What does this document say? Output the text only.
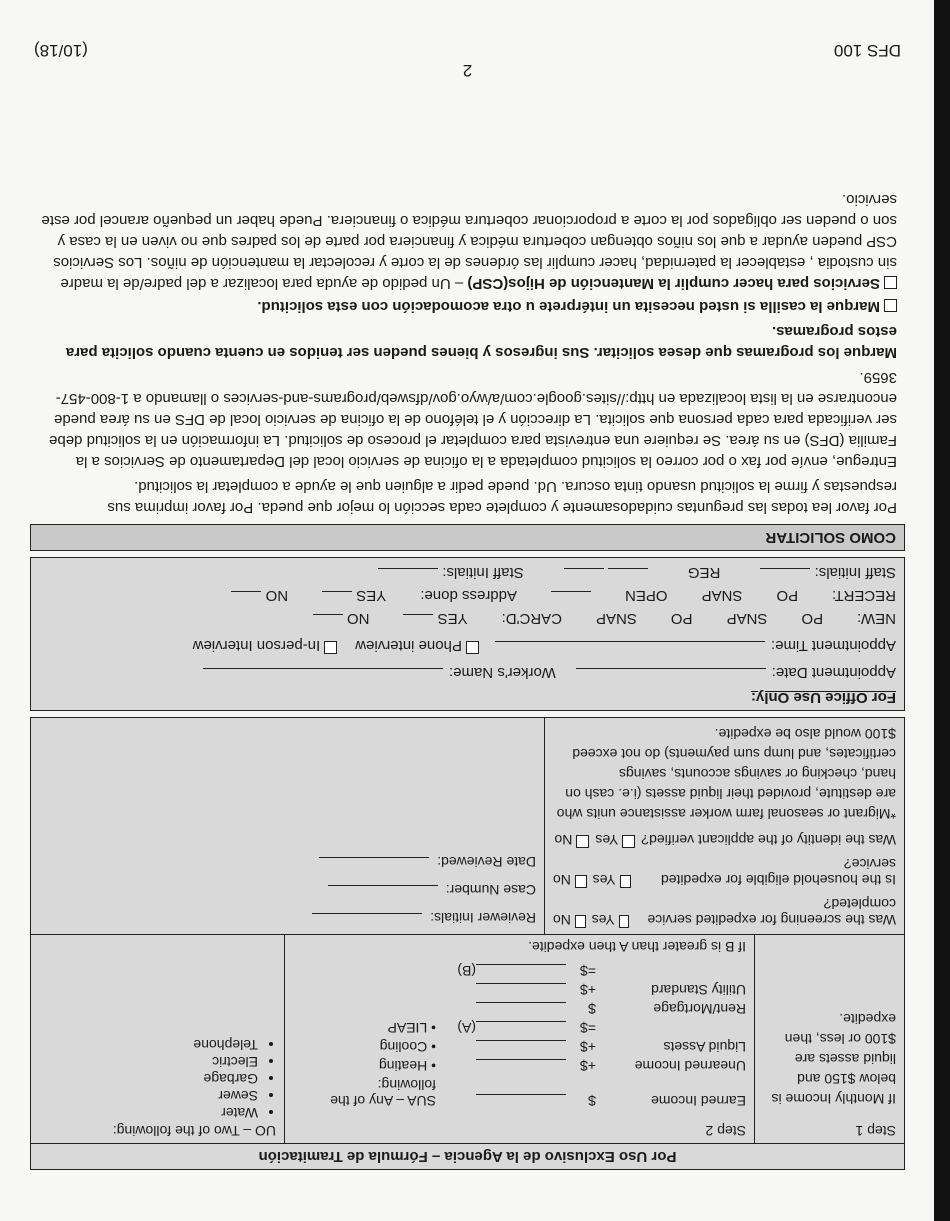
Por Uso Exclusivo de la Agencia – Fórmula de Tramitación

Step 1

If Monthly Income is below $150 and liquid assets are $100 or less, then expedite.

Step 2

Earned Income
$
SUA – Any of the following:
Unearned Income
+$
• Heating
Liquid Assets
+$
• Cooling
=$
(A)
• LIEAP
Rent/Mortgage
$
Utility Standard
+$
=$
(B)

If B is greater than A then expedite.

UO – Two of the following:

• Water
• Sewer
• Garbage
• Electric
• Telephone
Was the screening for expedited service completed?
Yes
No
Is the household eligible for expedited service?
Yes
No
Was the identity of the applicant verified?
Yes
No

*Migrant or seasonal farm worker assistance units who are destitute, provided their liquid assets (i.e. cash on hand, checking or savings accounts, savings certificates, and lump sum payments) do not exceed $100 would also be expedite.

Reviewer Initials:
Case Number:
Date Reviewed:
For Office Use Only:
Appointment Date:
Worker's Name:
Appointment Time:
Phone interview
In-person Interview
NEW:
PO
SNAP
PO
SNAP
CARC'D:
YES
NO
RECERT:
PO
SNAP
OPEN
Address done:
YES
NO
Staff Initials:
REG

Staff Initials:
COMO SOLICITAR

Por favor lea todas las preguntas cuidadosamente y complete cada sección lo mejor que pueda. Por favor imprima sus respuestas y firme la solicitud usando tinta oscura. Ud. puede pedir a alguien que le ayude a completar la solicitud.

Entregue, envíe por fax o por correo la solicitud completada a la oficina de servicio local del Departamento de Servicios a la Familia (DFS) en su área. Se requiere una entrevista para completar el proceso de solicitud. La información en la solicitud debe ser verificada para cada persona que solicita. La dirección y el teléfono de la oficina de servicio local de DFS en su área puede encontrarse en la lista localizada en http://sites.google.com/a/wyo.gov/dfsweb/programs-and-services o llamando a 1-800-457-3659.

Marque los programas que desea solicitar. Sus ingresos y bienes pueden ser tenidos en cuenta cuando solicita para estos programas.

Marque la casilla si usted necesita un intérprete u otra acomodación con esta solicitud.

Servicios para hacer cumplir la Mantención de Hijos(CSP) – Un pedido de ayuda para localizar a del padre/de la madre sin custodia , establecer la paternidad, hacer cumplir las órdenes de la corte y recolectar la mantención de niños. Los Servicios CSP pueden ayudar a que los niños obtengan cobertura médica y financiera por parte de los padres que no viven en la casa y son o pueden ser obligados por la corte a proporcionar cobertura médica o financiera. Puede haber un pequeño arancel por este servicio.

2
DFS 100
(10/18)
